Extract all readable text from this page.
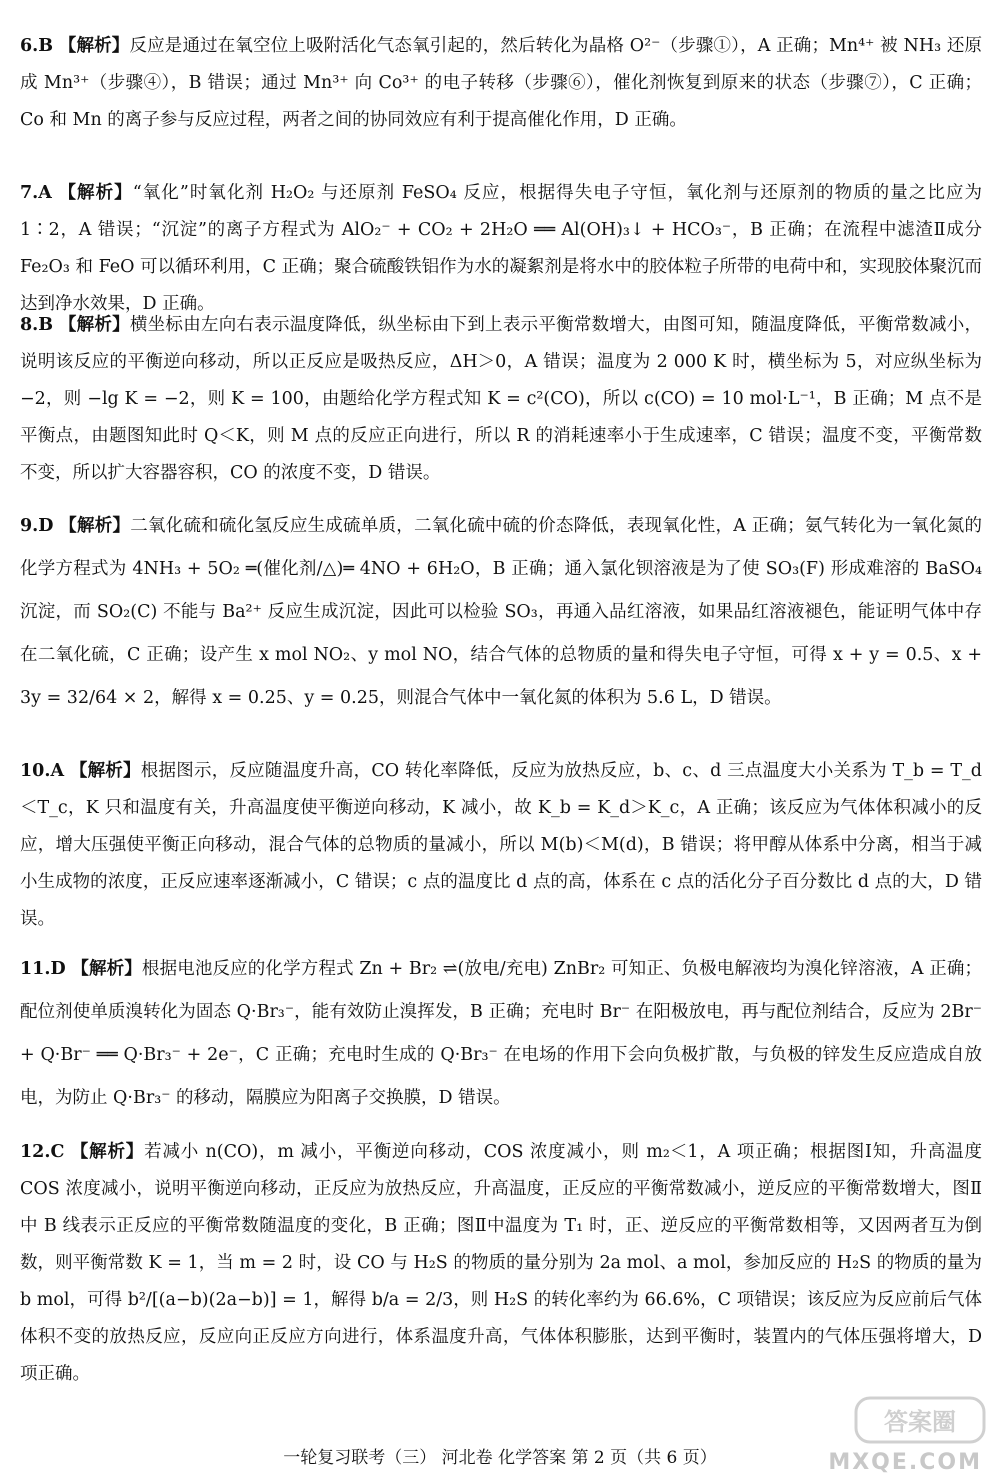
6.B 【解析】反应是通过在氧空位上吸附活化气态氧引起的，然后转化为晶格 O²⁻（步骤①），A 正确；Mn⁴⁺ 被 NH₃ 还原成 Mn³⁺（步骤④），B 错误；通过 Mn³⁺ 向 Co³⁺ 的电子转移（步骤⑥），催化剂恢复到原来的状态（步骤⑦），C 正确；Co 和 Mn 的离子参与反应过程，两者之间的协同效应有利于提高催化作用，D 正确。
7.A 【解析】“氧化”时氧化剂 H₂O₂ 与还原剂 FeSO₄ 反应，根据得失电子守恒，氧化剂与还原剂的物质的量之比应为 1∶2，A 错误；“沉淀”的离子方程式为 AlO₂⁻ + CO₂ + 2H₂O ══ Al(OH)₃↓ + HCO₃⁻，B 正确；在流程中滤渣Ⅱ成分 Fe₂O₃ 和 FeO 可以循环利用，C 正确；聚合硫酸铁铝作为水的凝絮剂是将水中的胶体粒子所带的电荷中和，实现胶体聚沉而达到净水效果，D 正确。
8.B 【解析】横坐标由左向右表示温度降低，纵坐标由下到上表示平衡常数增大，由图可知，随温度降低，平衡常数减小，说明该反应的平衡逆向移动，所以正反应是吸热反应，ΔH＞0，A 错误；温度为 2 000 K 时，横坐标为 5，对应纵坐标为 −2，则 −lg K = −2，则 K = 100，由题给化学方程式知 K = c²(CO)，所以 c(CO) = 10 mol·L⁻¹，B 正确；M 点不是平衡点，由题图知此时 Q＜K，则 M 点的反应正向进行，所以 R 的消耗速率小于生成速率，C 错误；温度不变，平衡常数不变，所以扩大容器容积，CO 的浓度不变，D 错误。
9.D 【解析】二氧化硫和硫化氢反应生成硫单质，二氧化硫中硫的价态降低，表现氧化性，A 正确；氨气转化为一氧化氮的化学方程式为 4NH₃ + 5O₂ ═(催化剂/△)═ 4NO + 6H₂O，B 正确；通入氯化钡溶液是为了使 SO₃(F) 形成难溶的 BaSO₄ 沉淀，而 SO₂(C) 不能与 Ba²⁺ 反应生成沉淀，因此可以检验 SO₃，再通入品红溶液，如果品红溶液褪色，能证明气体中存在二氧化硫，C 正确；设产生 x mol NO₂、y mol NO，结合气体的总物质的量和得失电子守恒，可得 x + y = 0.5、x + 3y = 32/64 × 2，解得 x = 0.25、y = 0.25，则混合气体中一氧化氮的体积为 5.6 L，D 错误。
10.A 【解析】根据图示，反应随温度升高，CO 转化率降低，反应为放热反应，b、c、d 三点温度大小关系为 T_b = T_d＜T_c，K 只和温度有关，升高温度使平衡逆向移动，K 减小，故 K_b = K_d＞K_c，A 正确；该反应为气体体积减小的反应，增大压强使平衡正向移动，混合气体的总物质的量减小，所以 M(b)＜M(d)，B 错误；将甲醇从体系中分离，相当于减小生成物的浓度，正反应速率逐渐减小，C 错误；c 点的温度比 d 点的高，体系在 c 点的活化分子百分数比 d 点的大，D 错误。
11.D 【解析】根据电池反应的化学方程式 Zn + Br₂ ⇌(放电/充电) ZnBr₂ 可知正、负极电解液均为溴化锌溶液，A 正确；配位剂使单质溴转化为固态 Q·Br₃⁻，能有效防止溴挥发，B 正确；充电时 Br⁻ 在阳极放电，再与配位剂结合，反应为 2Br⁻ + Q·Br⁻ ══ Q·Br₃⁻ + 2e⁻，C 正确；充电时生成的 Q·Br₃⁻ 在电场的作用下会向负极扩散，与负极的锌发生反应造成自放电，为防止 Q·Br₃⁻ 的移动，隔膜应为阳离子交换膜，D 错误。
12.C 【解析】若减小 n(CO)，m 减小，平衡逆向移动，COS 浓度减小，则 m₂＜1，A 项正确；根据图Ⅰ知，升高温度 COS 浓度减小，说明平衡逆向移动，正反应为放热反应，升高温度，正反应的平衡常数减小，逆反应的平衡常数增大，图Ⅱ中 B 线表示正反应的平衡常数随温度的变化，B 正确；图Ⅱ中温度为 T₁ 时，正、逆反应的平衡常数相等，又因两者互为倒数，则平衡常数 K = 1，当 m = 2 时，设 CO 与 H₂S 的物质的量分别为 2a mol、a mol，参加反应的 H₂S 的物质的量为 b mol，可得 b²/[(a−b)(2a−b)] = 1，解得 b/a = 2/3，则 H₂S 的转化率约为 66.6%，C 项错误；该反应为反应前后气体体积不变的放热反应，反应向正反应方向进行，体系温度升高，气体体积膨胀，达到平衡时，装置内的气体压强将增大，D 项正确。
一轮复习联考（三） 河北卷 化学答案 第 2 页（共 6 页）
答案圈
MXQE.COM
